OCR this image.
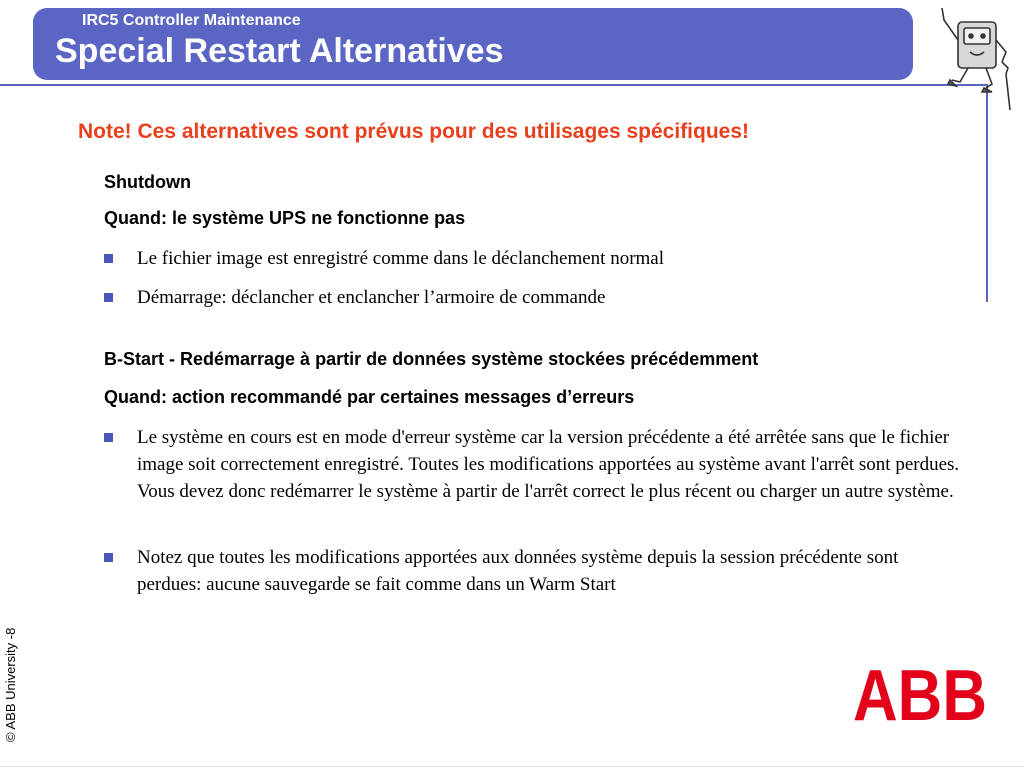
IRC5 Controller Maintenance
Special Restart Alternatives
Note! Ces alternatives sont prévus pour des utilisages spécifiques!
Shutdown
Quand: le système UPS ne fonctionne pas
Le fichier image est enregistré comme dans le déclanchement normal
Démarrage: déclancher et enclancher l’armoire de commande
B-Start - Redémarrage à partir de données système stockées précédemment
Quand: action recommandé par certaines messages d’erreurs
Le système en cours est en mode d'erreur système car la version précédente a été arrêtée sans que le fichier image soit correctement enregistré. Toutes les modifications apportées au système avant l'arrêt sont perdues. Vous devez donc redémarrer le système à partir de l'arrêt correct le plus récent ou charger un autre système.
Notez que toutes les modifications apportées aux données système depuis la session précédente sont perdues: aucune sauvegarde se fait comme dans un Warm Start
© ABB University -8	ABB
